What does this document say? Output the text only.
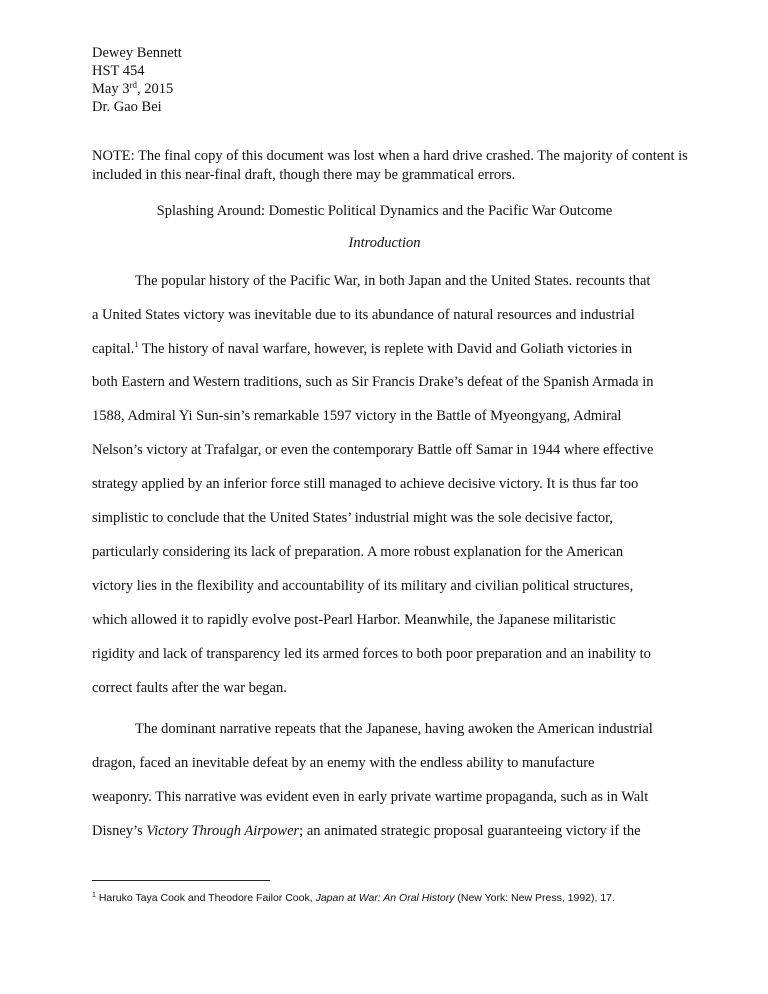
Dewey Bennett
HST 454
May 3rd, 2015
Dr. Gao Bei
NOTE: The final copy of this document was lost when a hard drive crashed. The majority of content is included in this near-final draft, though there may be grammatical errors.
Splashing Around: Domestic Political Dynamics and the Pacific War Outcome
Introduction
The popular history of the Pacific War, in both Japan and the United States. recounts that
a United States victory was inevitable due to its abundance of natural resources and industrial
capital.$^1$ The history of naval warfare, however, is replete with David and Goliath victories in
both Eastern and Western traditions, such as Sir Francis Drake’s defeat of the Spanish Armada in
1588, Admiral Yi Sun-sin’s remarkable 1597 victory in the Battle of Myeongyang, Admiral
Nelson’s victory at Trafalgar, or even the contemporary Battle off Samar in 1944 where effective
strategy applied by an inferior force still managed to achieve decisive victory. It is thus far too
simplistic to conclude that the United States’ industrial might was the sole decisive factor,
particularly considering its lack of preparation. A more robust explanation for the American
victory lies in the flexibility and accountability of its military and civilian political structures,
which allowed it to rapidly evolve post-Pearl Harbor. Meanwhile, the Japanese militaristic
rigidity and lack of transparency led its armed forces to both poor preparation and an inability to
correct faults after the war began.
The dominant narrative repeats that the Japanese, having awoken the American industrial
dragon, faced an inevitable defeat by an enemy with the endless ability to manufacture
weaponry. This narrative was evident even in early private wartime propaganda, such as in Walt
Disney’s Victory Through Airpower; an animated strategic proposal guaranteeing victory if the
$^1$ Haruko Taya Cook and Theodore Failor Cook, Japan at War: An Oral History (New York: New Press, 1992), 17.
